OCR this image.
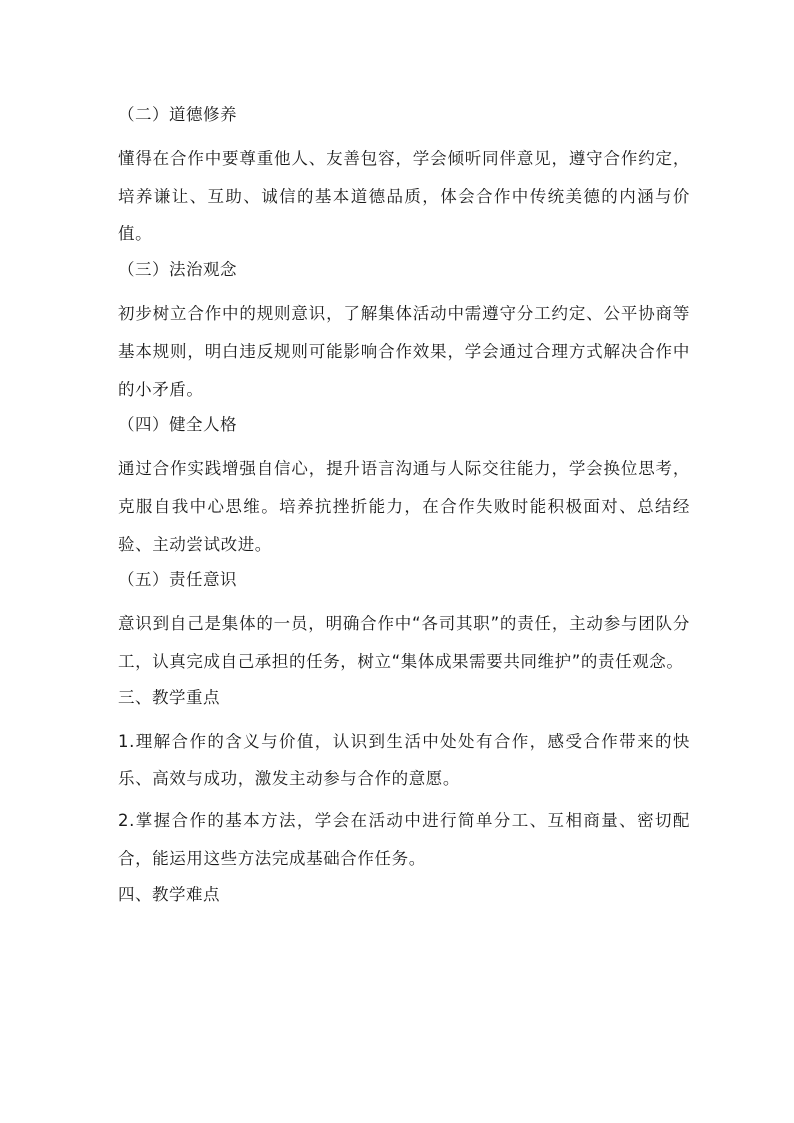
（二）道德修养
懂得在合作中要尊重他人、友善包容，学会倾听同伴意见，遵守合作约定，培养谦让、互助、诚信的基本道德品质，体会合作中传统美德的内涵与价值。
（三）法治观念
初步树立合作中的规则意识，了解集体活动中需遵守分工约定、公平协商等基本规则，明白违反规则可能影响合作效果，学会通过合理方式解决合作中的小矛盾。
（四）健全人格
通过合作实践增强自信心，提升语言沟通与人际交往能力，学会换位思考，克服自我中心思维。培养抗挫折能力，在合作失败时能积极面对、总结经验、主动尝试改进。
（五）责任意识
意识到自己是集体的一员，明确合作中“各司其职”的责任，主动参与团队分工，认真完成自己承担的任务，树立“集体成果需要共同维护”的责任观念。
三、教学重点
1.理解合作的含义与价值，认识到生活中处处有合作，感受合作带来的快乐、高效与成功，激发主动参与合作的意愿。
2.掌握合作的基本方法，学会在活动中进行简单分工、互相商量、密切配合，能运用这些方法完成基础合作任务。
四、教学难点
